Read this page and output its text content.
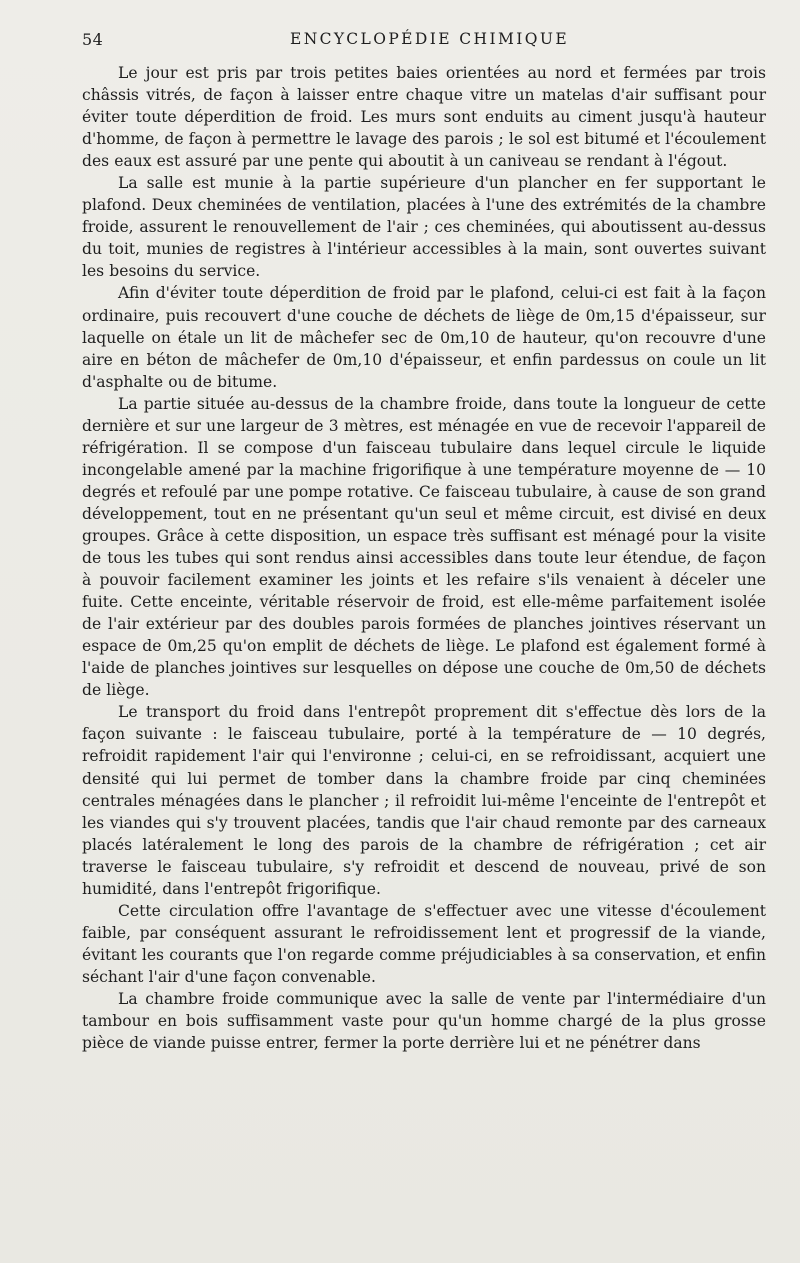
54	ENCYCLOPÉDIE CHIMIQUE

Le jour est pris par trois petites baies orientées au nord et fermées par trois châssis vitrés, de façon à laisser entre chaque vitre un matelas d'air suffisant pour éviter toute déperdition de froid. Les murs sont enduits au ciment jusqu'à hauteur d'homme, de façon à permettre le lavage des parois ; le sol est bitumé et l'écoulement des eaux est assuré par une pente qui aboutit à un caniveau se rendant à l'égout.

La salle est munie à la partie supérieure d'un plancher en fer supportant le plafond. Deux cheminées de ventilation, placées à l'une des extrémités de la chambre froide, assurent le renouvellement de l'air ; ces cheminées, qui aboutissent au-dessus du toit, munies de registres à l'intérieur accessibles à la main, sont ouvertes suivant les besoins du service.

Afin d'éviter toute déperdition de froid par le plafond, celui-ci est fait à la façon ordinaire, puis recouvert d'une couche de déchets de liège de 0m,15 d'épaisseur, sur laquelle on étale un lit de mâchefer sec de 0m,10 de hauteur, qu'on recouvre d'une aire en béton de mâchefer de 0m,10 d'épaisseur, et enfin pardessus on coule un lit d'asphalte ou de bitume.

La partie située au-dessus de la chambre froide, dans toute la longueur de cette dernière et sur une largeur de 3 mètres, est ménagée en vue de recevoir l'appareil de réfrigération. Il se compose d'un faisceau tubulaire dans lequel circule le liquide incongelable amené par la machine frigorifique à une température moyenne de — 10 degrés et refoulé par une pompe rotative. Ce faisceau tubulaire, à cause de son grand développement, tout en ne présentant qu'un seul et même circuit, est divisé en deux groupes. Grâce à cette disposition, un espace très suffisant est ménagé pour la visite de tous les tubes qui sont rendus ainsi accessibles dans toute leur étendue, de façon à pouvoir facilement examiner les joints et les refaire s'ils venaient à déceler une fuite. Cette enceinte, véritable réservoir de froid, est elle-même parfaitement isolée de l'air extérieur par des doubles parois formées de planches jointives réservant un espace de 0m,25 qu'on emplit de déchets de liège. Le plafond est également formé à l'aide de planches jointives sur lesquelles on dépose une couche de 0m,50 de déchets de liège.

Le transport du froid dans l'entrepôt proprement dit s'effectue dès lors de la façon suivante : le faisceau tubulaire, porté à la température de — 10 degrés, refroidit rapidement l'air qui l'environne ; celui-ci, en se refroidissant, acquiert une densité qui lui permet de tomber dans la chambre froide par cinq cheminées centrales ménagées dans le plancher ; il refroidit lui-même l'enceinte de l'entrepôt et les viandes qui s'y trouvent placées, tandis que l'air chaud remonte par des carneaux placés latéralement le long des parois de la chambre de réfrigération ; cet air traverse le faisceau tubulaire, s'y refroidit et descend de nouveau, privé de son humidité, dans l'entrepôt frigorifique.

Cette circulation offre l'avantage de s'effectuer avec une vitesse d'écoulement faible, par conséquent assurant le refroidissement lent et progressif de la viande, évitant les courants que l'on regarde comme préjudiciables à sa conservation, et enfin séchant l'air d'une façon convenable.

La chambre froide communique avec la salle de vente par l'intermédiaire d'un tambour en bois suffisamment vaste pour qu'un homme chargé de la plus grosse pièce de viande puisse entrer, fermer la porte derrière lui et ne pénétrer dans
